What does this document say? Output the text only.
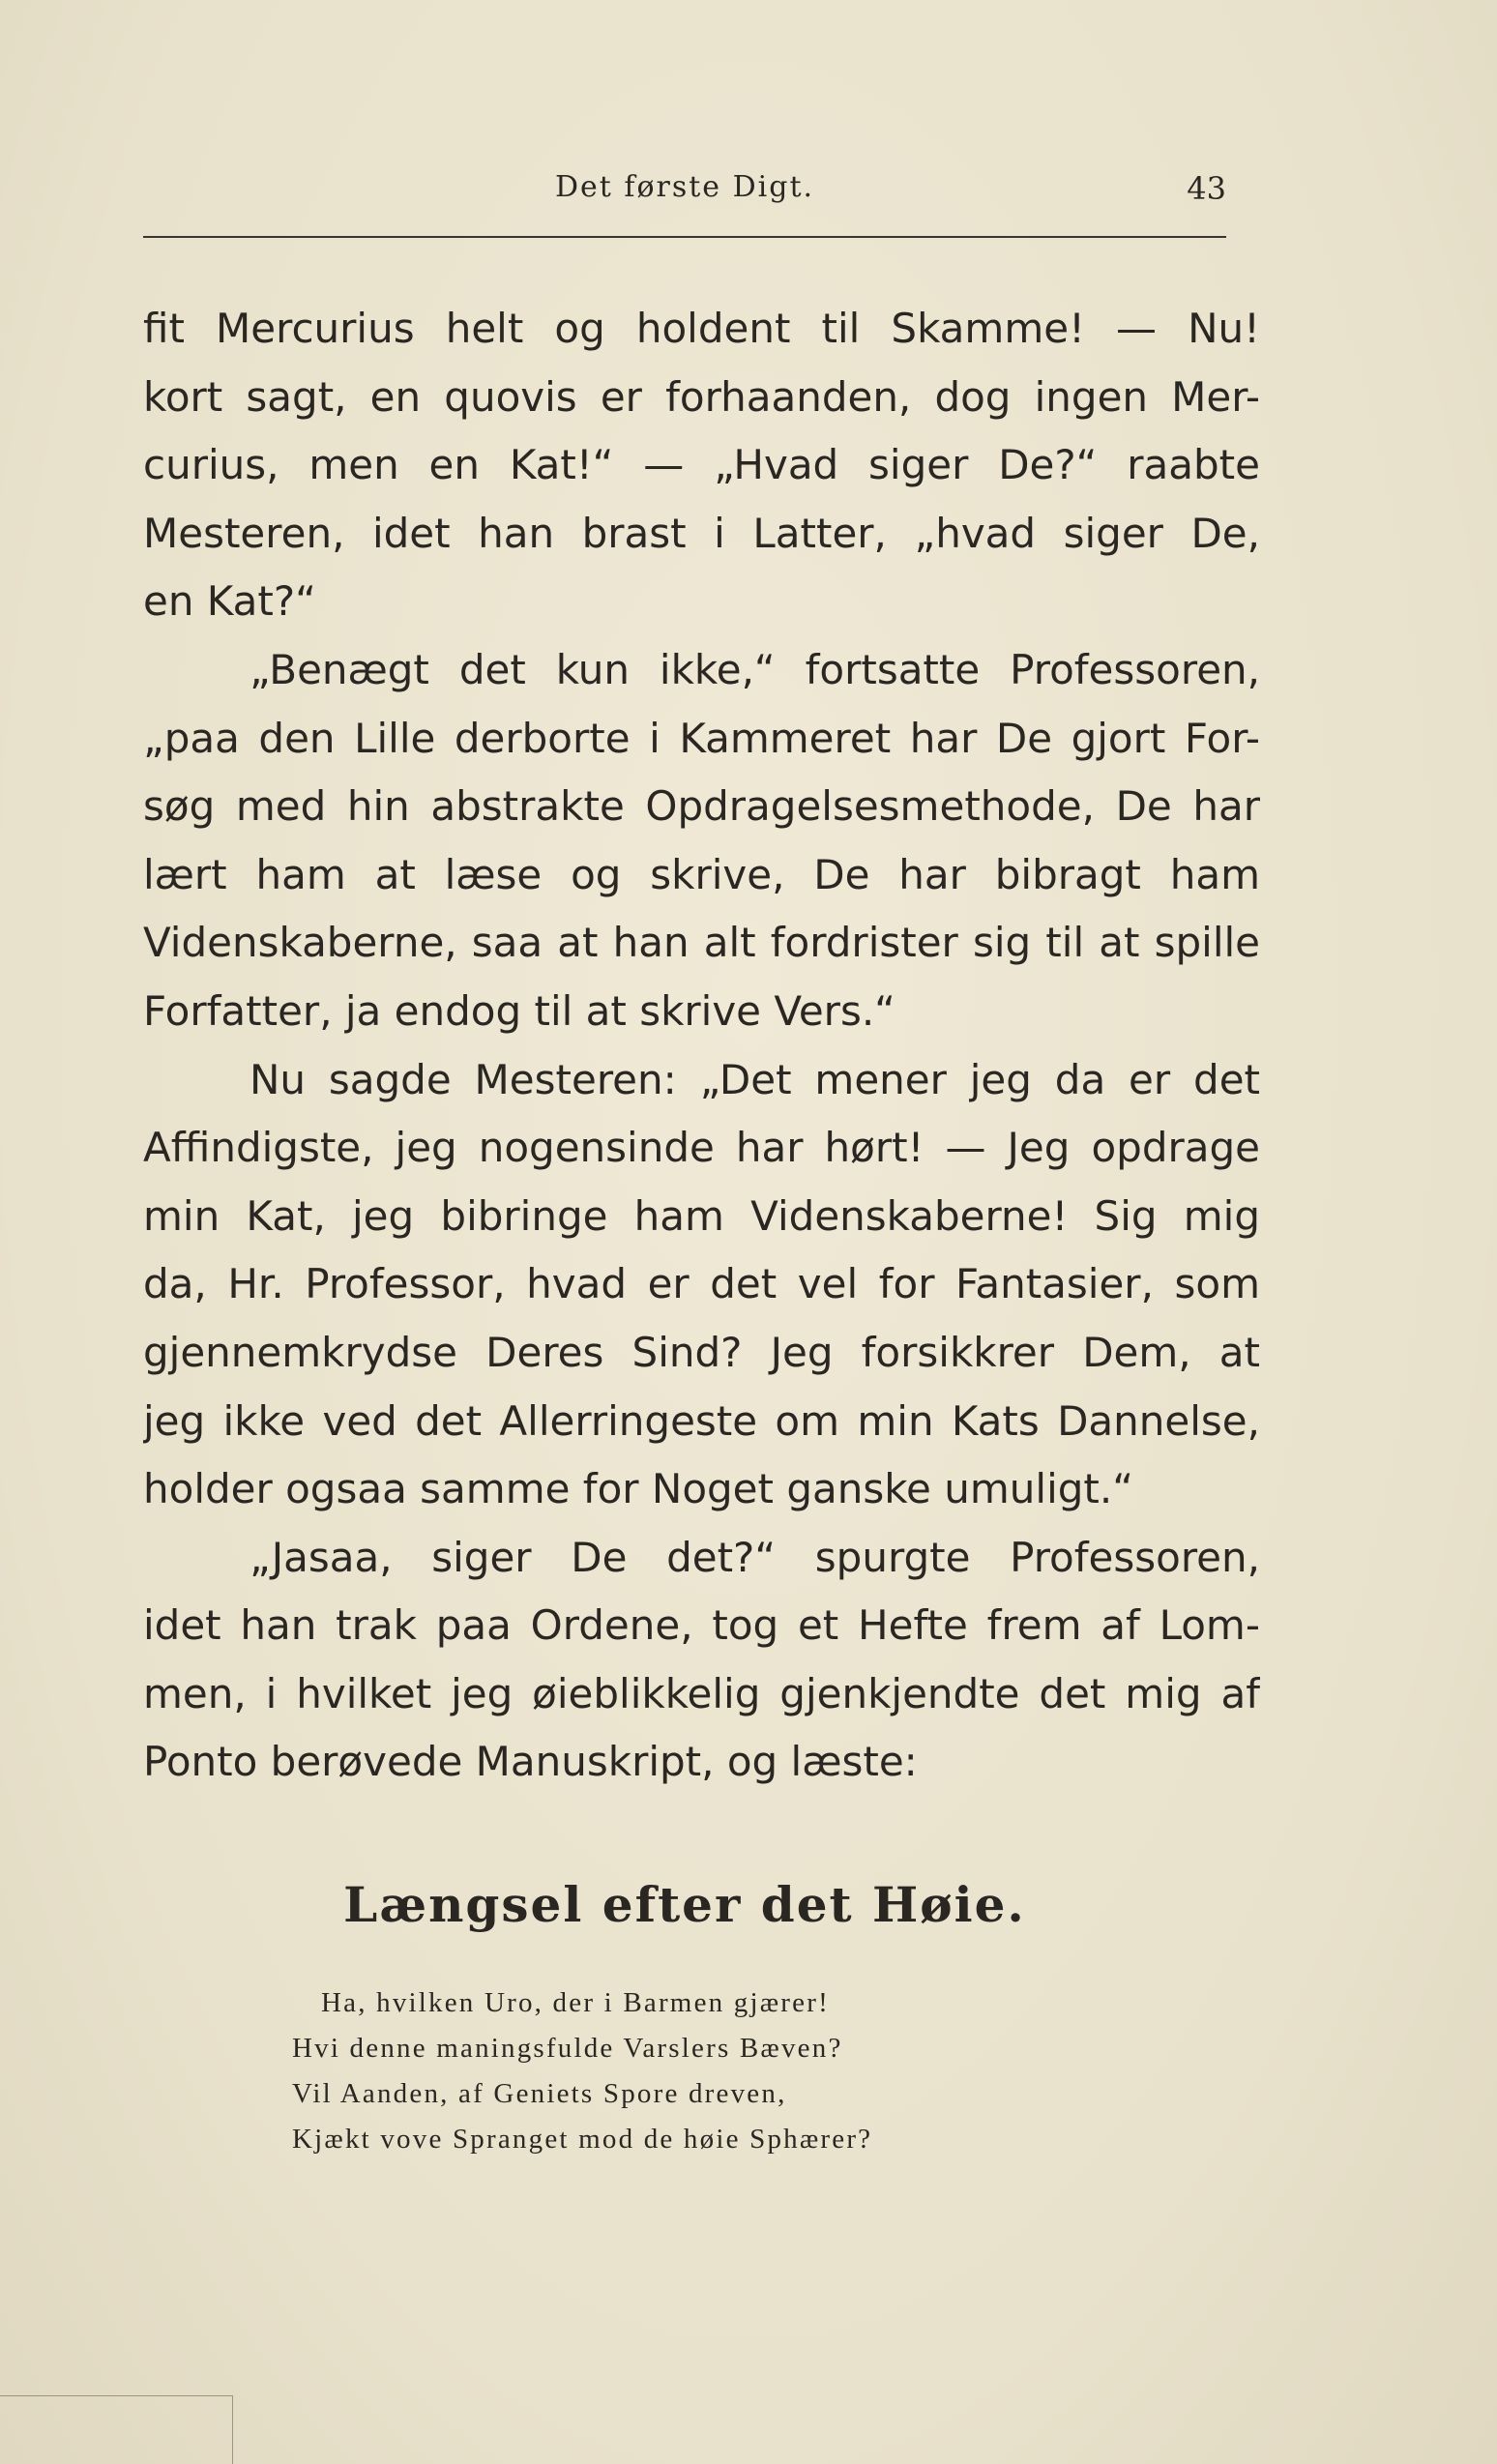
Det første Digt.	43
fit Mercurius helt og holdent til Skamme! — Nu!
kort sagt, en quovis er forhaanden, dog ingen Mer-
curius, men en Kat!“ — „Hvad siger De?“ raabte
Mesteren, idet han brast i Latter, „hvad siger De,
en Kat?“
„Benægt det kun ikke,“ fortsatte Professoren,
„paa den Lille derborte i Kammeret har De gjort For-
søg med hin abstrakte Opdragelsesmethode, De har
lært ham at læse og skrive, De har bibragt ham
Videnskaberne, saa at han alt fordrister sig til at spille
Forfatter, ja endog til at skrive Vers.“
Nu sagde Mesteren: „Det mener jeg da er det
Affindigste, jeg nogensinde har hørt! — Jeg opdrage
min Kat, jeg bibringe ham Videnskaberne! Sig mig
da, Hr. Professor, hvad er det vel for Fantasier, som
gjennemkrydse Deres Sind? Jeg forsikkrer Dem, at
jeg ikke ved det Allerringeste om min Kats Dannelse,
holder ogsaa samme for Noget ganske umuligt.“
„Jasaa, siger De det?“ spurgte Professoren,
idet han trak paa Ordene, tog et Hefte frem af Lom-
men, i hvilket jeg øieblikkelig gjenkjendte det mig af
Ponto berøvede Manuskript, og læste:
Længsel efter det Høie.
Ha, hvilken Uro, der i Barmen gjærer!
Hvi denne maningsfulde Varslers Bæven?
Vil Aanden, af Geniets Spore dreven,
Kjækt vove Spranget mod de høie Sphærer?
